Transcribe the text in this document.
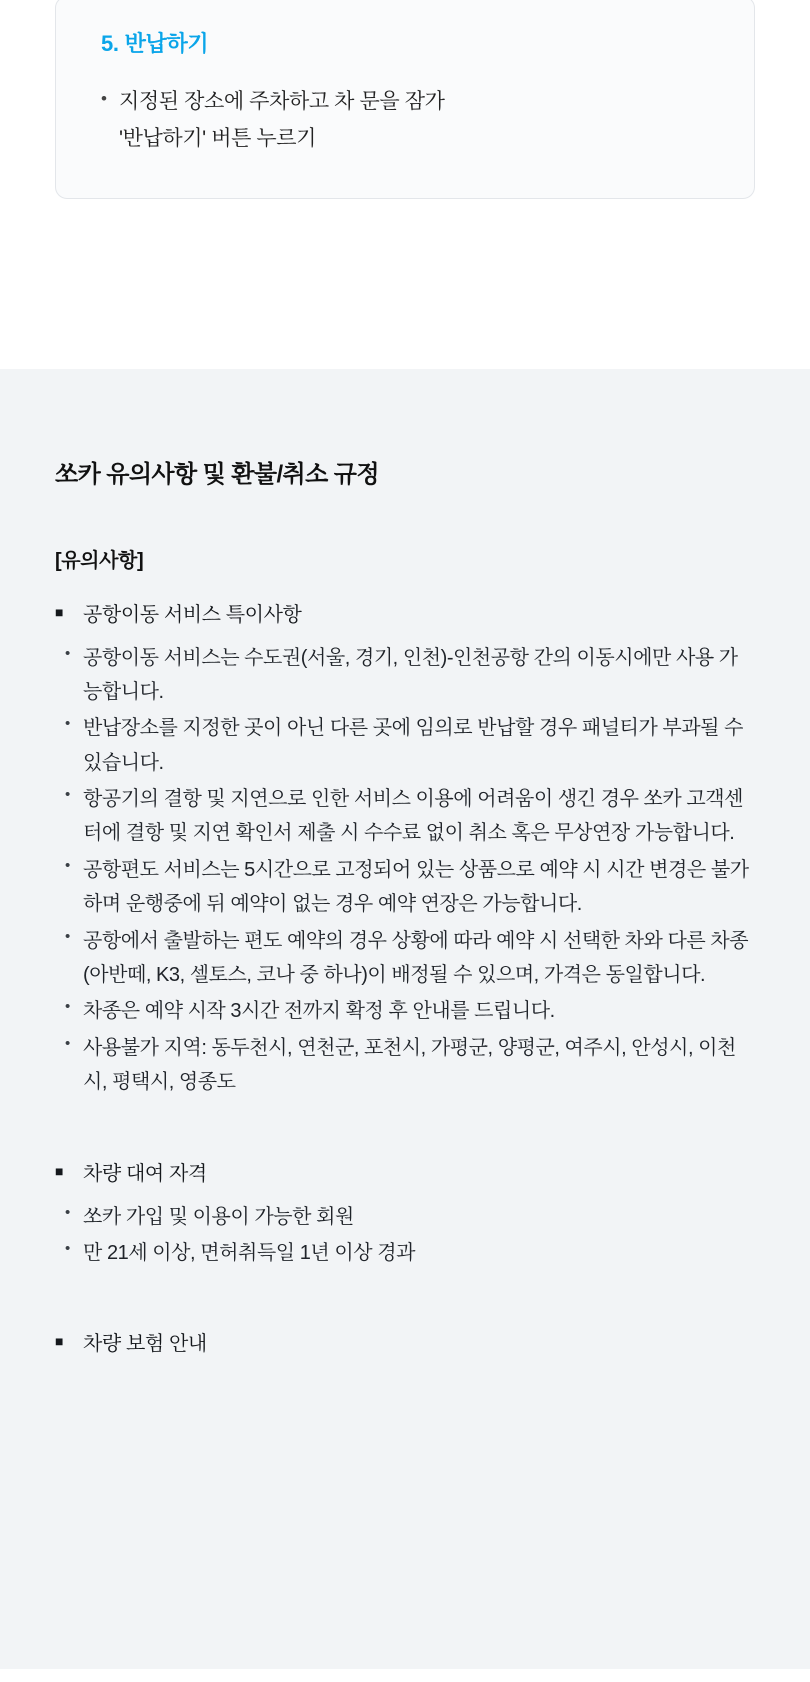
5. 반납하기
• 지정된 장소에 주차하고 차 문을 잠가
'반납하기' 버튼 누르기
쏘카 유의사항 및 환불/취소 규정
[유의사항]
■ 공항이동 서비스 특이사항
• 공항이동 서비스는 수도권(서울, 경기, 인천)-인천공항 간의 이동시에만 사용 가능합니다.
• 반납장소를 지정한 곳이 아닌 다른 곳에 임의로 반납할 경우 패널티가 부과될 수 있습니다.
• 항공기의 결항 및 지연으로 인한 서비스 이용에 어려움이 생긴 경우 쏘카 고객센터에 결항 및 지연 확인서 제출 시 수수료 없이 취소 혹은 무상연장 가능합니다.
• 공항편도 서비스는 5시간으로 고정되어 있는 상품으로 예약 시 시간 변경은 불가하며 운행중에 뒤 예약이 없는 경우 예약 연장은 가능합니다.
• 공항에서 출발하는 편도 예약의 경우 상황에 따라 예약 시 선택한 차와 다른 차종(아반떼, K3, 셀토스, 코나 중 하나)이 배정될 수 있으며, 가격은 동일합니다.
• 차종은 예약 시작 3시간 전까지 확정 후 안내를 드립니다.
• 사용불가 지역: 동두천시, 연천군, 포천시, 가평군, 양평군, 여주시, 안성시, 이천시, 평택시, 영종도
■ 차량 대여 자격
• 쏘카 가입 및 이용이 가능한 회원
• 만 21세 이상, 면허취득일 1년 이상 경과
■ 차량 보험 안내
